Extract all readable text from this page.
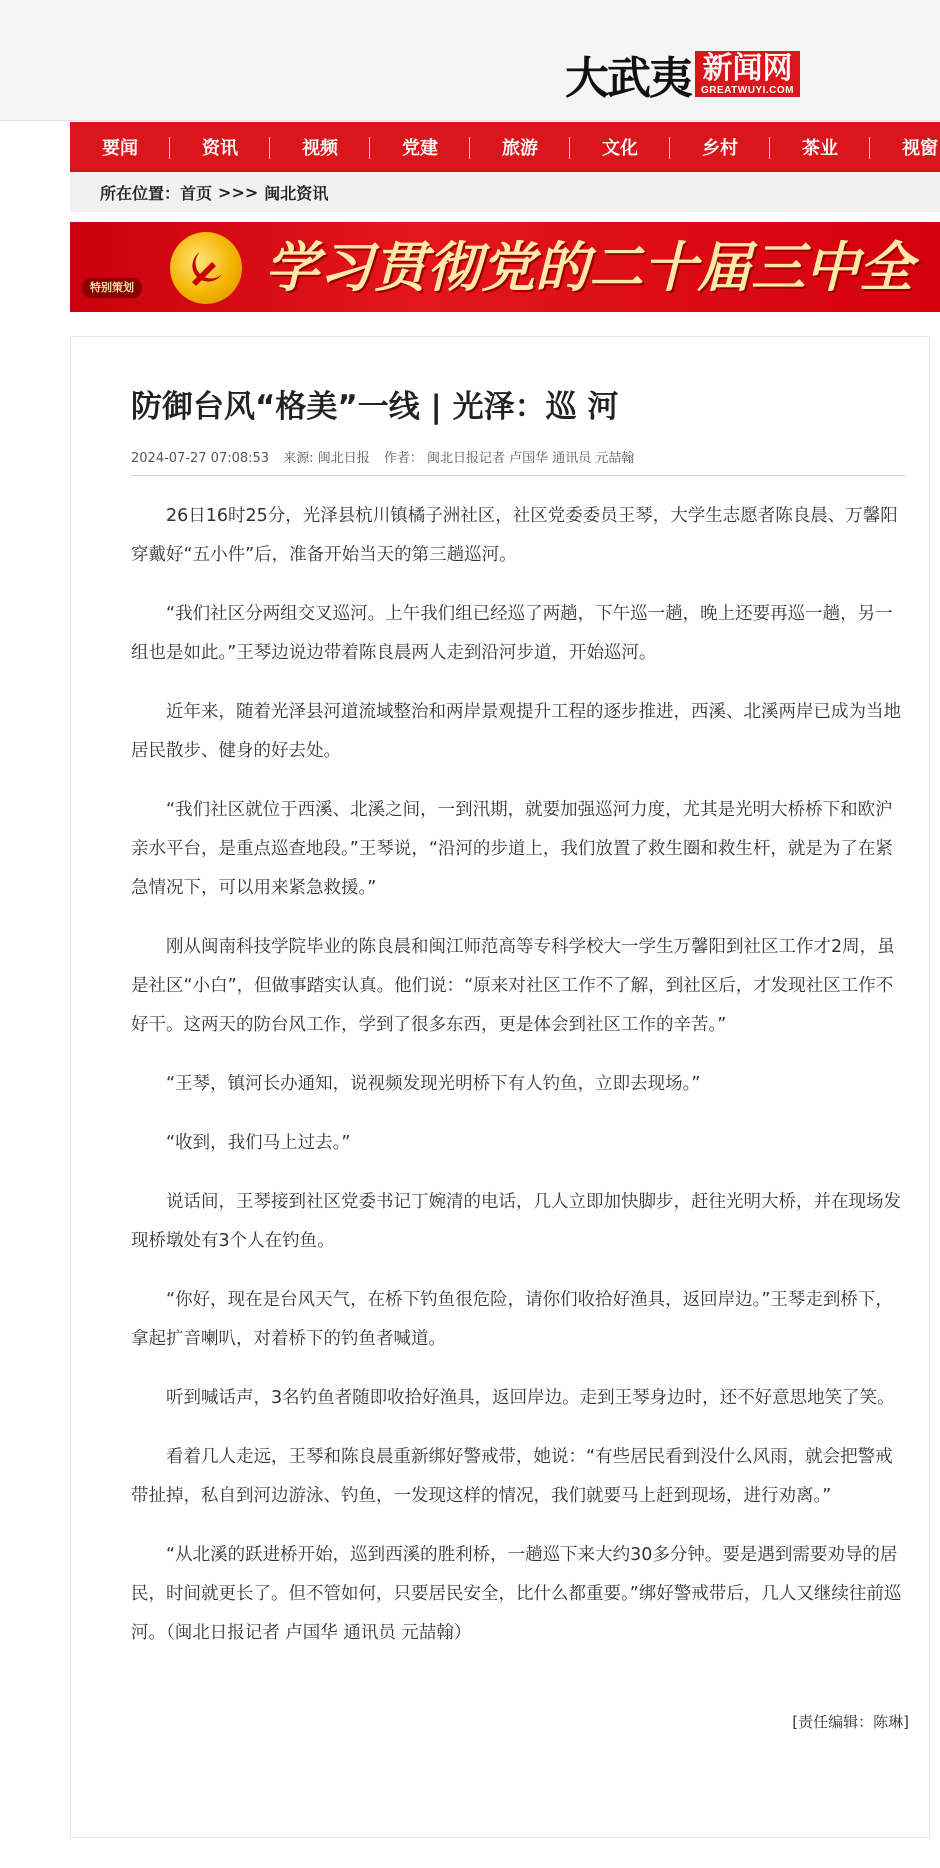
大武夷 新闻网
GREATWUYI.COM
要闻	资讯	视频	党建	旅游	文化	乡村	茶业	视窗
所在位置： 首页 >>> 闽北资讯
特别策划 学习贯彻党的二十届三中全
防御台风“格美”一线 | 光泽：巡 河
2024-07-27 07:08:53 来源: 闽北日报 作者： 闽北日报记者 卢国华 通讯员 元喆翰

26日16时25分，光泽县杭川镇橘子洲社区，社区党委委员王琴，大学生志愿者陈良晨、万馨阳穿戴好“五小件”后，准备开始当天的第三趟巡河。

“我们社区分两组交叉巡河。上午我们组已经巡了两趟，下午巡一趟，晚上还要再巡一趟，另一组也是如此。”王琴边说边带着陈良晨两人走到沿河步道，开始巡河。

近年来，随着光泽县河道流域整治和两岸景观提升工程的逐步推进，西溪、北溪两岸已成为当地居民散步、健身的好去处。

“我们社区就位于西溪、北溪之间，一到汛期，就要加强巡河力度，尤其是光明大桥桥下和欧沪亲水平台，是重点巡查地段。”王琴说，“沿河的步道上，我们放置了救生圈和救生杆，就是为了在紧急情况下，可以用来紧急救援。”

刚从闽南科技学院毕业的陈良晨和闽江师范高等专科学校大一学生万馨阳到社区工作才2周，虽是社区“小白”，但做事踏实认真。他们说：“原来对社区工作不了解，到社区后，才发现社区工作不好干。这两天的防台风工作，学到了很多东西，更是体会到社区工作的辛苦。”

“王琴，镇河长办通知，说视频发现光明桥下有人钓鱼，立即去现场。”

“收到，我们马上过去。”

说话间，王琴接到社区党委书记丁婉清的电话，几人立即加快脚步，赶往光明大桥，并在现场发现桥墩处有3个人在钓鱼。

“你好，现在是台风天气，在桥下钓鱼很危险，请你们收拾好渔具，返回岸边。”王琴走到桥下，拿起扩音喇叭，对着桥下的钓鱼者喊道。

听到喊话声，3名钓鱼者随即收拾好渔具，返回岸边。走到王琴身边时，还不好意思地笑了笑。

看着几人走远，王琴和陈良晨重新绑好警戒带，她说：“有些居民看到没什么风雨，就会把警戒带扯掉，私自到河边游泳、钓鱼，一发现这样的情况，我们就要马上赶到现场，进行劝离。”

“从北溪的跃进桥开始，巡到西溪的胜利桥，一趟巡下来大约30多分钟。要是遇到需要劝导的居民，时间就更长了。但不管如何，只要居民安全，比什么都重要。”绑好警戒带后，几人又继续往前巡河。（闽北日报记者 卢国华 通讯员 元喆翰）

[责任编辑：陈琳]
